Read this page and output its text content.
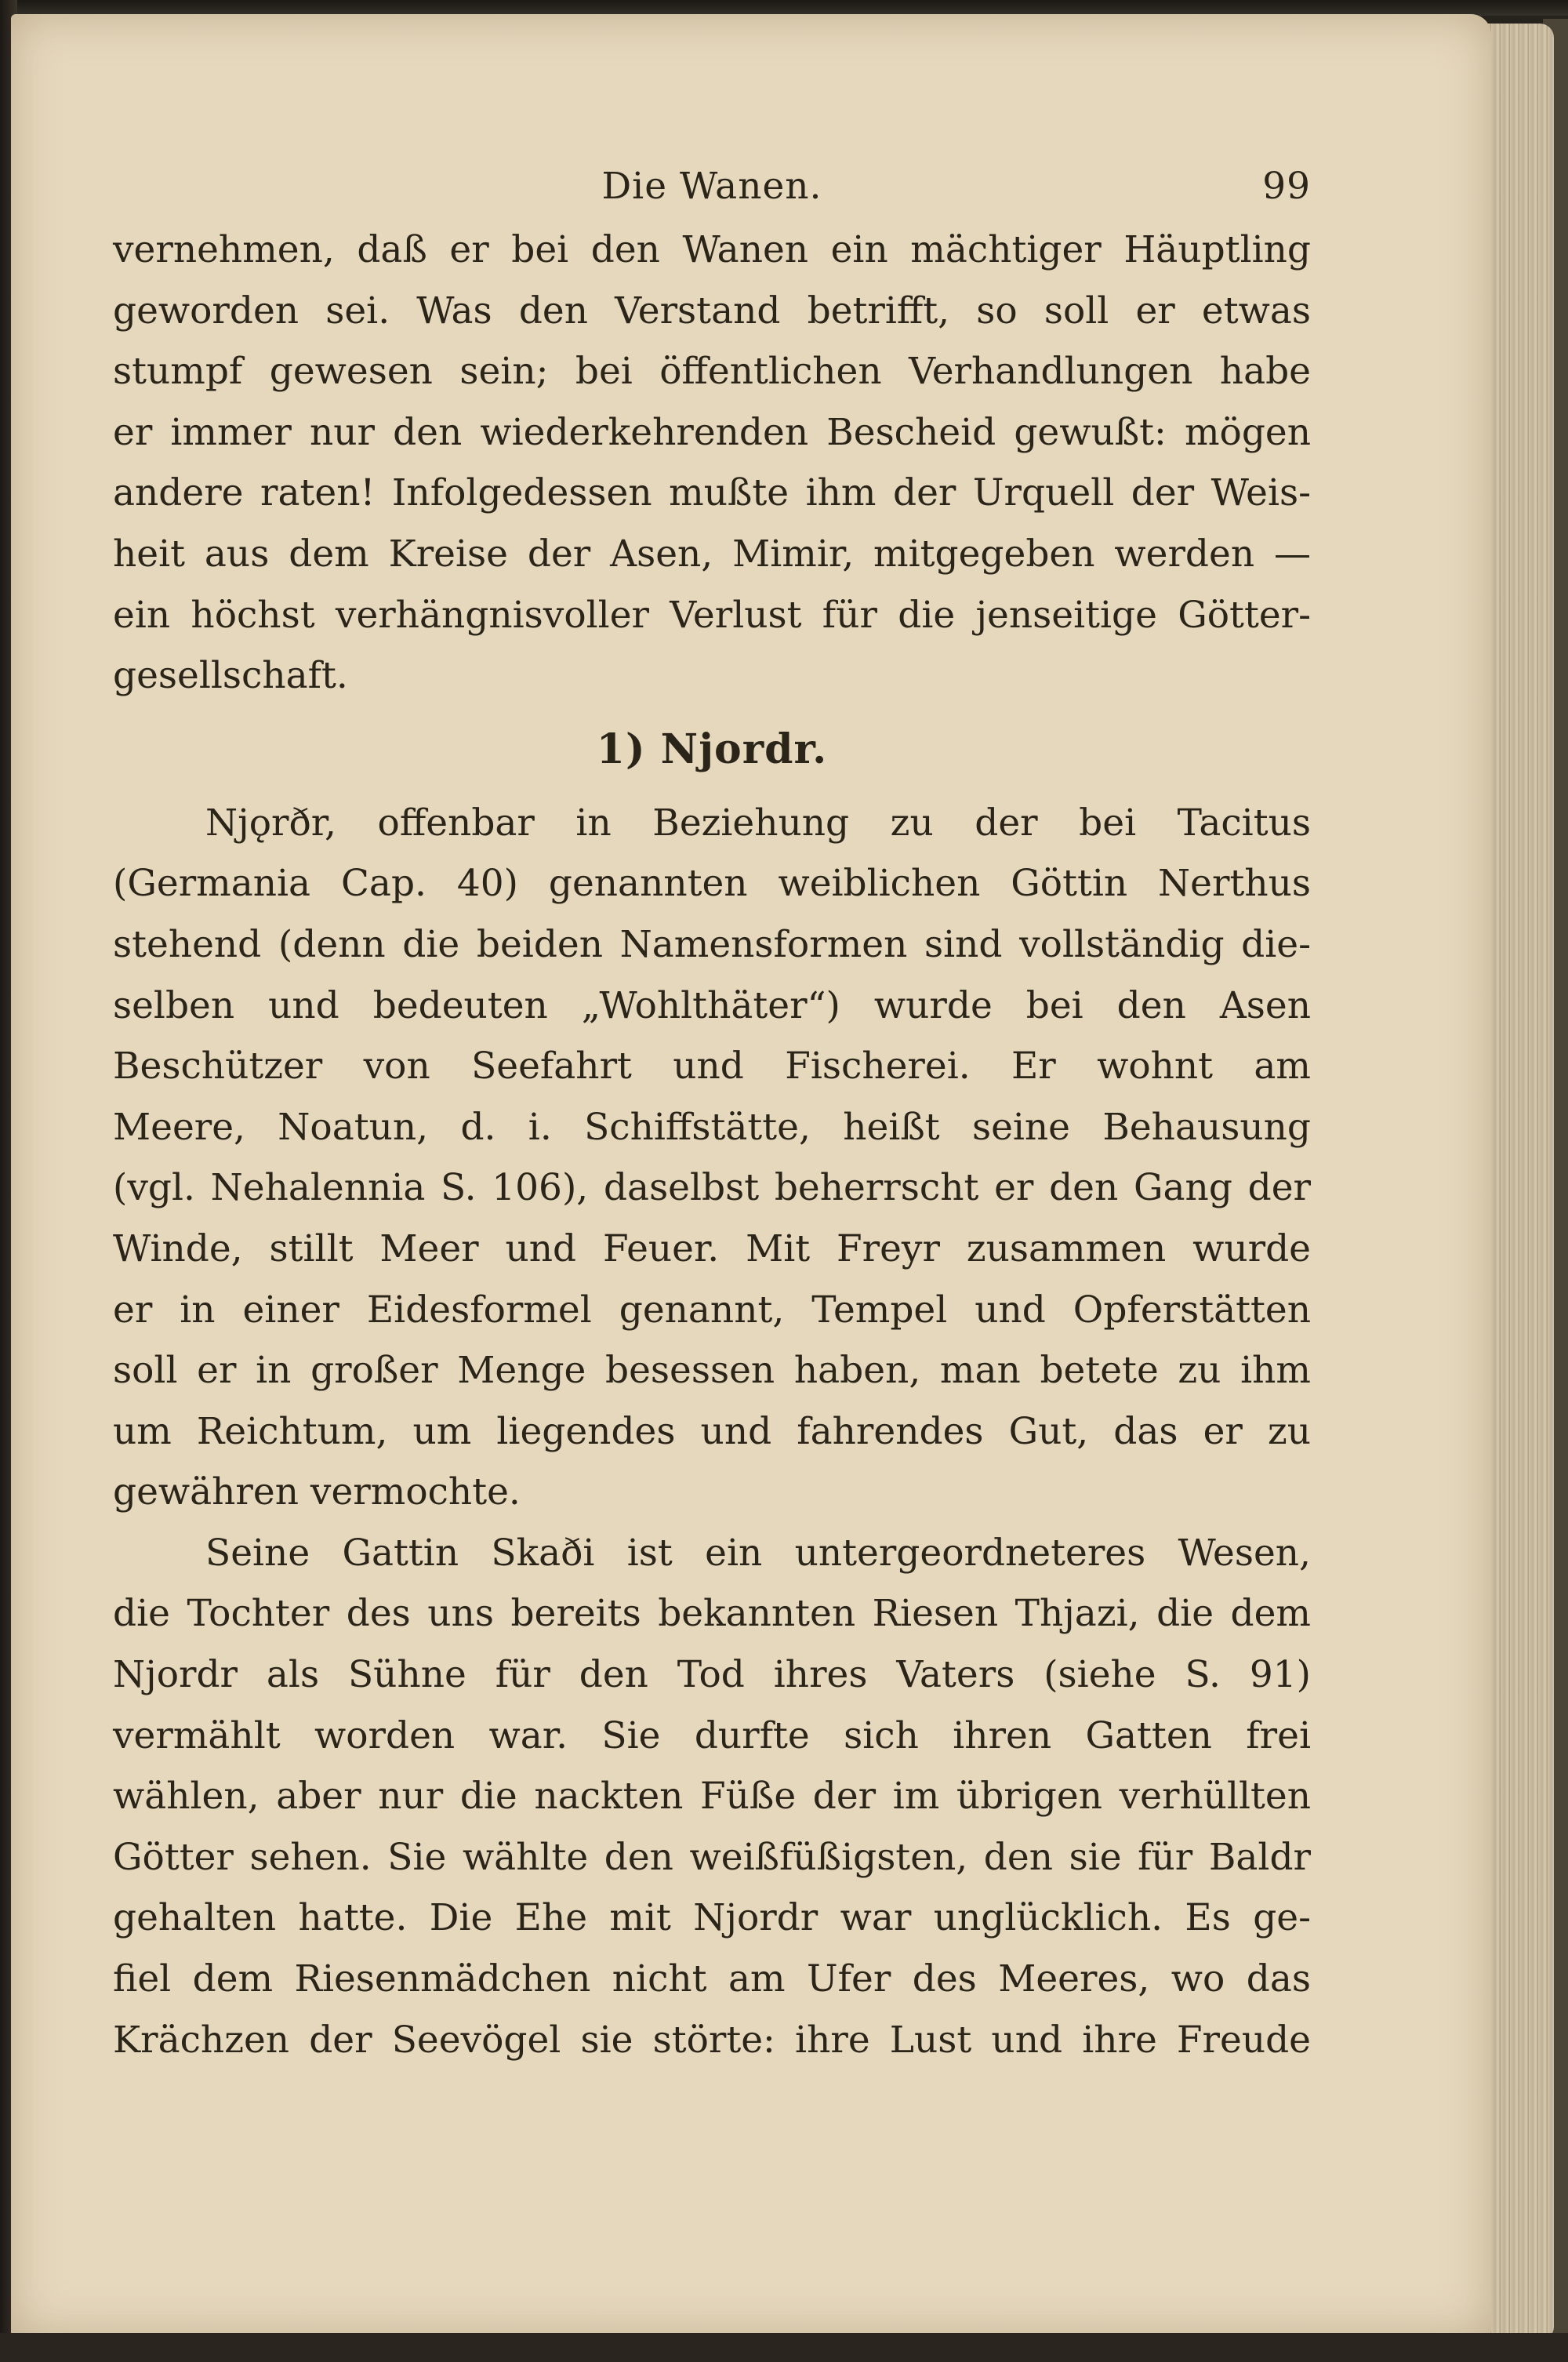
Die Wanen.	99
vernehmen, daß er bei den Wanen ein mächtiger Häuptling
geworden sei. Was den Verstand betrifft, so soll er etwas
stumpf gewesen sein; bei öffentlichen Verhandlungen habe
er immer nur den wiederkehrenden Bescheid gewußt: mögen
andere raten! Infolgedessen mußte ihm der Urquell der Weis-
heit aus dem Kreise der Asen, Mimir, mitgegeben werden —
ein höchst verhängnisvoller Verlust für die jenseitige Götter-
gesellschaft.
1) Njordr.
Njǫrðr, offenbar in Beziehung zu der bei Tacitus
(Germania Cap. 40) genannten weiblichen Göttin Nerthus
stehend (denn die beiden Namensformen sind vollständig die-
selben und bedeuten „Wohlthäter“) wurde bei den Asen
Beschützer von Seefahrt und Fischerei. Er wohnt am
Meere, Noatun, d. i. Schiffstätte, heißt seine Behausung
(vgl. Nehalennia S. 106), daselbst beherrscht er den Gang der
Winde, stillt Meer und Feuer. Mit Freyr zusammen wurde
er in einer Eidesformel genannt, Tempel und Opferstätten
soll er in großer Menge besessen haben, man betete zu ihm
um Reichtum, um liegendes und fahrendes Gut, das er zu
gewähren vermochte.
Seine Gattin Skaði ist ein untergeordneteres Wesen,
die Tochter des uns bereits bekannten Riesen Thjazi, die dem
Njordr als Sühne für den Tod ihres Vaters (siehe S. 91)
vermählt worden war. Sie durfte sich ihren Gatten frei
wählen, aber nur die nackten Füße der im übrigen verhüllten
Götter sehen. Sie wählte den weißfüßigsten, den sie für Baldr
gehalten hatte. Die Ehe mit Njordr war unglücklich. Es ge-
fiel dem Riesenmädchen nicht am Ufer des Meeres, wo das
Krächzen der Seevögel sie störte: ihre Lust und ihre Freude
